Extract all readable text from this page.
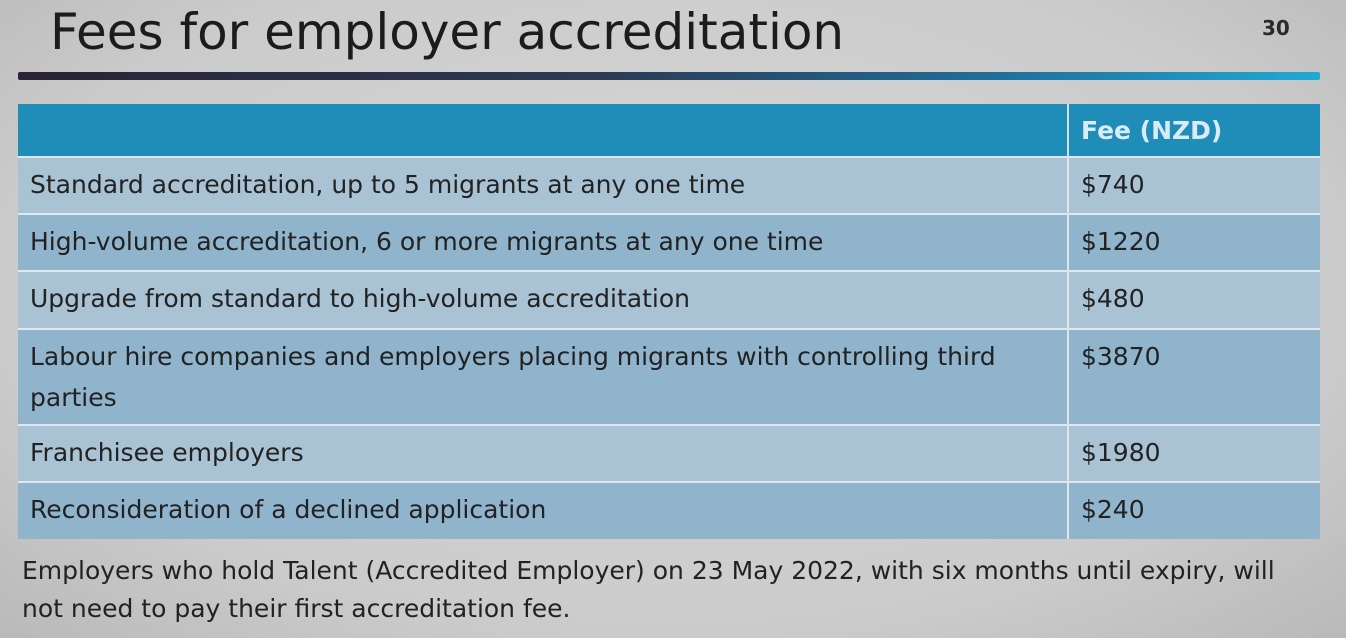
Fees for employer accreditation	30
	Fee (NZD)
Standard accreditation, up to 5 migrants at any one time	$740
High-volume accreditation, 6 or more migrants at any one time	$1220
Upgrade from standard to high-volume accreditation	$480
Labour hire companies and employers placing migrants with controlling third parties	$3870
Franchisee employers	$1980
Reconsideration of a declined application	$240
Employers who hold Talent (Accredited Employer) on 23 May 2022, with six months until expiry, will not need to pay their first accreditation fee.
